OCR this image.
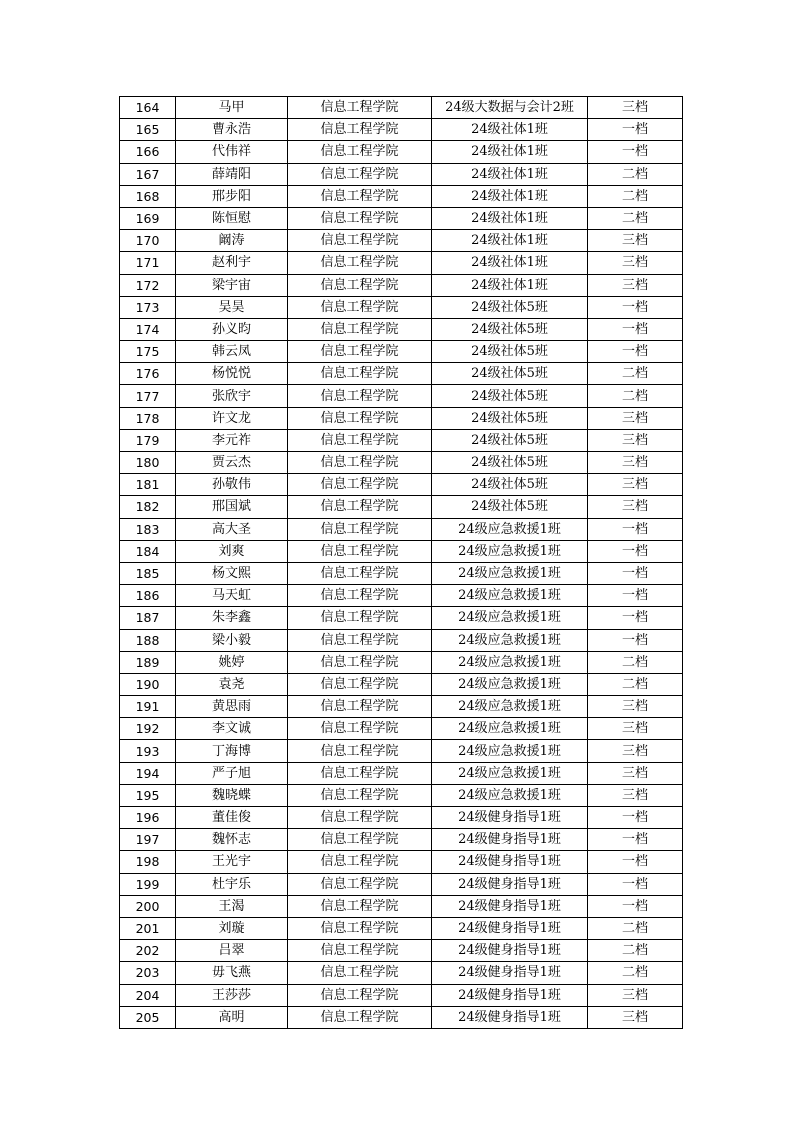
164	马甲	信息工程学院	24级大数据与会计2班	三档
165	曹永浩	信息工程学院	24级社体1班	一档
166	代伟祥	信息工程学院	24级社体1班	一档
167	薛靖阳	信息工程学院	24级社体1班	二档
168	邢步阳	信息工程学院	24级社体1班	二档
169	陈恒慰	信息工程学院	24级社体1班	二档
170	阚涛	信息工程学院	24级社体1班	三档
171	赵利宇	信息工程学院	24级社体1班	三档
172	梁宇宙	信息工程学院	24级社体1班	三档
173	吴昊	信息工程学院	24级社体5班	一档
174	孙义昀	信息工程学院	24级社体5班	一档
175	韩云凤	信息工程学院	24级社体5班	一档
176	杨悦悦	信息工程学院	24级社体5班	二档
177	张欣宇	信息工程学院	24级社体5班	二档
178	许文龙	信息工程学院	24级社体5班	三档
179	李元祚	信息工程学院	24级社体5班	三档
180	贾云杰	信息工程学院	24级社体5班	三档
181	孙敬伟	信息工程学院	24级社体5班	三档
182	邢国斌	信息工程学院	24级社体5班	三档
183	高大圣	信息工程学院	24级应急救援1班	一档
184	刘爽	信息工程学院	24级应急救援1班	一档
185	杨文熙	信息工程学院	24级应急救援1班	一档
186	马天虹	信息工程学院	24级应急救援1班	一档
187	朱李鑫	信息工程学院	24级应急救援1班	一档
188	梁小毅	信息工程学院	24级应急救援1班	一档
189	姚婷	信息工程学院	24级应急救援1班	二档
190	袁尧	信息工程学院	24级应急救援1班	二档
191	黄思雨	信息工程学院	24级应急救援1班	三档
192	李文诚	信息工程学院	24级应急救援1班	三档
193	丁海博	信息工程学院	24级应急救援1班	三档
194	严子旭	信息工程学院	24级应急救援1班	三档
195	魏晓蝶	信息工程学院	24级应急救援1班	三档
196	董佳俊	信息工程学院	24级健身指导1班	一档
197	魏怀志	信息工程学院	24级健身指导1班	一档
198	王光宇	信息工程学院	24级健身指导1班	一档
199	杜宇乐	信息工程学院	24级健身指导1班	一档
200	王渴	信息工程学院	24级健身指导1班	一档
201	刘璇	信息工程学院	24级健身指导1班	二档
202	吕翠	信息工程学院	24级健身指导1班	二档
203	毋飞燕	信息工程学院	24级健身指导1班	二档
204	王莎莎	信息工程学院	24级健身指导1班	三档
205	高明	信息工程学院	24级健身指导1班	三档
